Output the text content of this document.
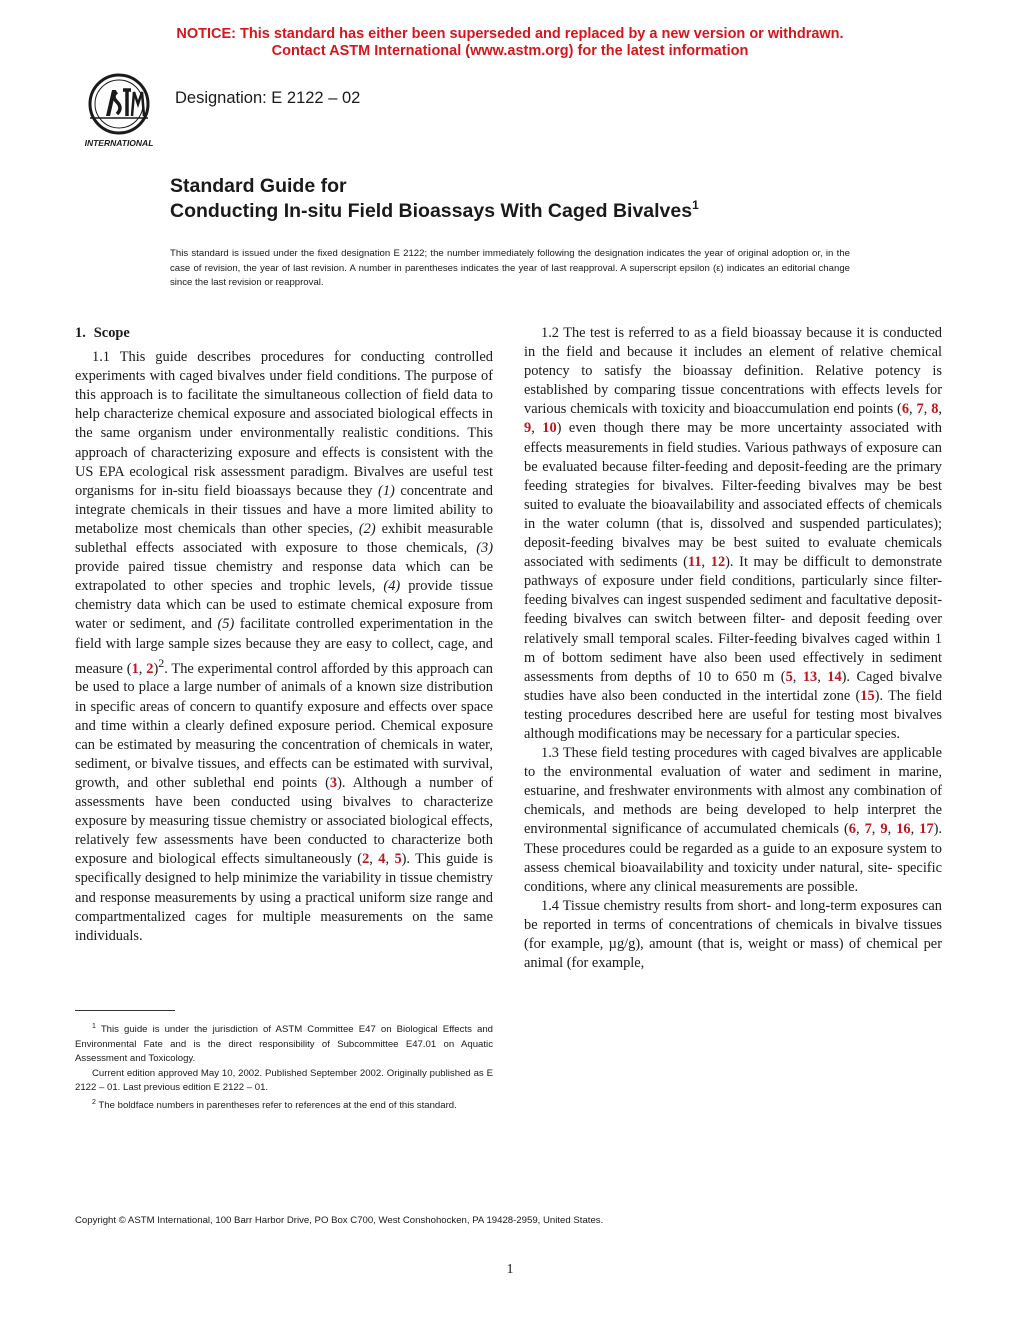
NOTICE: This standard has either been superseded and replaced by a new version or withdrawn.
Contact ASTM International (www.astm.org) for the latest information
INTERNATIONAL
Designation: E 2122 – 02
Standard Guide for
Conducting In-situ Field Bioassays With Caged Bivalves$^1$
This standard is issued under the fixed designation E 2122; the number immediately following the designation indicates the year of original adoption or, in the case of revision, the year of last revision. A number in parentheses indicates the year of last reapproval. A superscript epsilon (ε) indicates an editorial change since the last revision or reapproval.

1. Scope

1.1 This guide describes procedures for conducting controlled experiments with caged bivalves under field conditions. The purpose of this approach is to facilitate the simultaneous collection of field data to help characterize chemical exposure and associated biological effects in the same organism under environmentally realistic conditions. This approach of characterizing exposure and effects is consistent with the US EPA ecological risk assessment paradigm. Bivalves are useful test organisms for in-situ field bioassays because they (1) concentrate and integrate chemicals in their tissues and have a more limited ability to metabolize most chemicals than other species, (2) exhibit measurable sublethal effects associated with exposure to those chemicals, (3) provide paired tissue chemistry and response data which can be extrapolated to other species and trophic levels, (4) provide tissue chemistry data which can be used to estimate chemical exposure from water or sediment, and (5) facilitate controlled experimentation in the field with large sample sizes because they are easy to collect, cage, and measure (1, 2)$^2$. The experimental control afforded by this approach can be used to place a large number of animals of a known size distribution in specific areas of concern to quantify exposure and effects over space and time within a clearly defined exposure period. Chemical exposure can be estimated by measuring the concentration of chemicals in water, sediment, or bivalve tissues, and effects can be estimated with survival, growth, and other sublethal end points (3). Although a number of assessments have been conducted using bivalves to characterize exposure by measuring tissue chemistry or associated biological effects, relatively few assessments have been conducted to characterize both exposure and biological effects simultaneously (2, 4, 5). This guide is specifically designed to help minimize the variability in tissue chemistry and response measurements by using a practical uniform size range and compartmentalized cages for multiple measurements on the same individuals.

1.2 The test is referred to as a field bioassay because it is conducted in the field and because it includes an element of relative chemical potency to satisfy the bioassay definition. Relative potency is established by comparing tissue concentrations with effects levels for various chemicals with toxicity and bioaccumulation end points (6, 7, 8, 9, 10) even though there may be more uncertainty associated with effects measurements in field studies. Various pathways of exposure can be evaluated because filter-feeding and deposit-feeding are the primary feeding strategies for bivalves. Filter-feeding bivalves may be best suited to evaluate the bioavailability and associated effects of chemicals in the water column (that is, dissolved and suspended particulates); deposit-feeding bivalves may be best suited to evaluate chemicals associated with sediments (11, 12). It may be difficult to demonstrate pathways of exposure under field conditions, particularly since filter-feeding bivalves can ingest suspended sediment and facultative deposit-feeding bivalves can switch between filter- and deposit feeding over relatively small temporal scales. Filter-feeding bivalves caged within 1 m of bottom sediment have also been used effectively in sediment assessments from depths of 10 to 650 m (5, 13, 14). Caged bivalve studies have also been conducted in the intertidal zone (15). The field testing procedures described here are useful for testing most bivalves although modifications may be necessary for a particular species.

1.3 These field testing procedures with caged bivalves are applicable to the environmental evaluation of water and sediment in marine, estuarine, and freshwater environments with almost any combination of chemicals, and methods are being developed to help interpret the environmental significance of accumulated chemicals (6, 7, 9, 16, 17). These procedures could be regarded as a guide to an exposure system to assess chemical bioavailability and toxicity under natural, site- specific conditions, where any clinical measurements are possible.

1.4 Tissue chemistry results from short- and long-term exposures can be reported in terms of concentrations of chemicals in bivalve tissues (for example, µg/g), amount (that is, weight or mass) of chemical per animal (for example,

$^1$ This guide is under the jurisdiction of ASTM Committee E47 on Biological Effects and Environmental Fate and is the direct responsibility of Subcommittee E47.01 on Aquatic Assessment and Toxicology.

Current edition approved May 10, 2002. Published September 2002. Originally published as E 2122 – 01. Last previous edition E 2122 – 01.

$^2$ The boldface numbers in parentheses refer to references at the end of this standard.

Copyright © ASTM International, 100 Barr Harbor Drive, PO Box C700, West Conshohocken, PA 19428-2959, United States.
1
